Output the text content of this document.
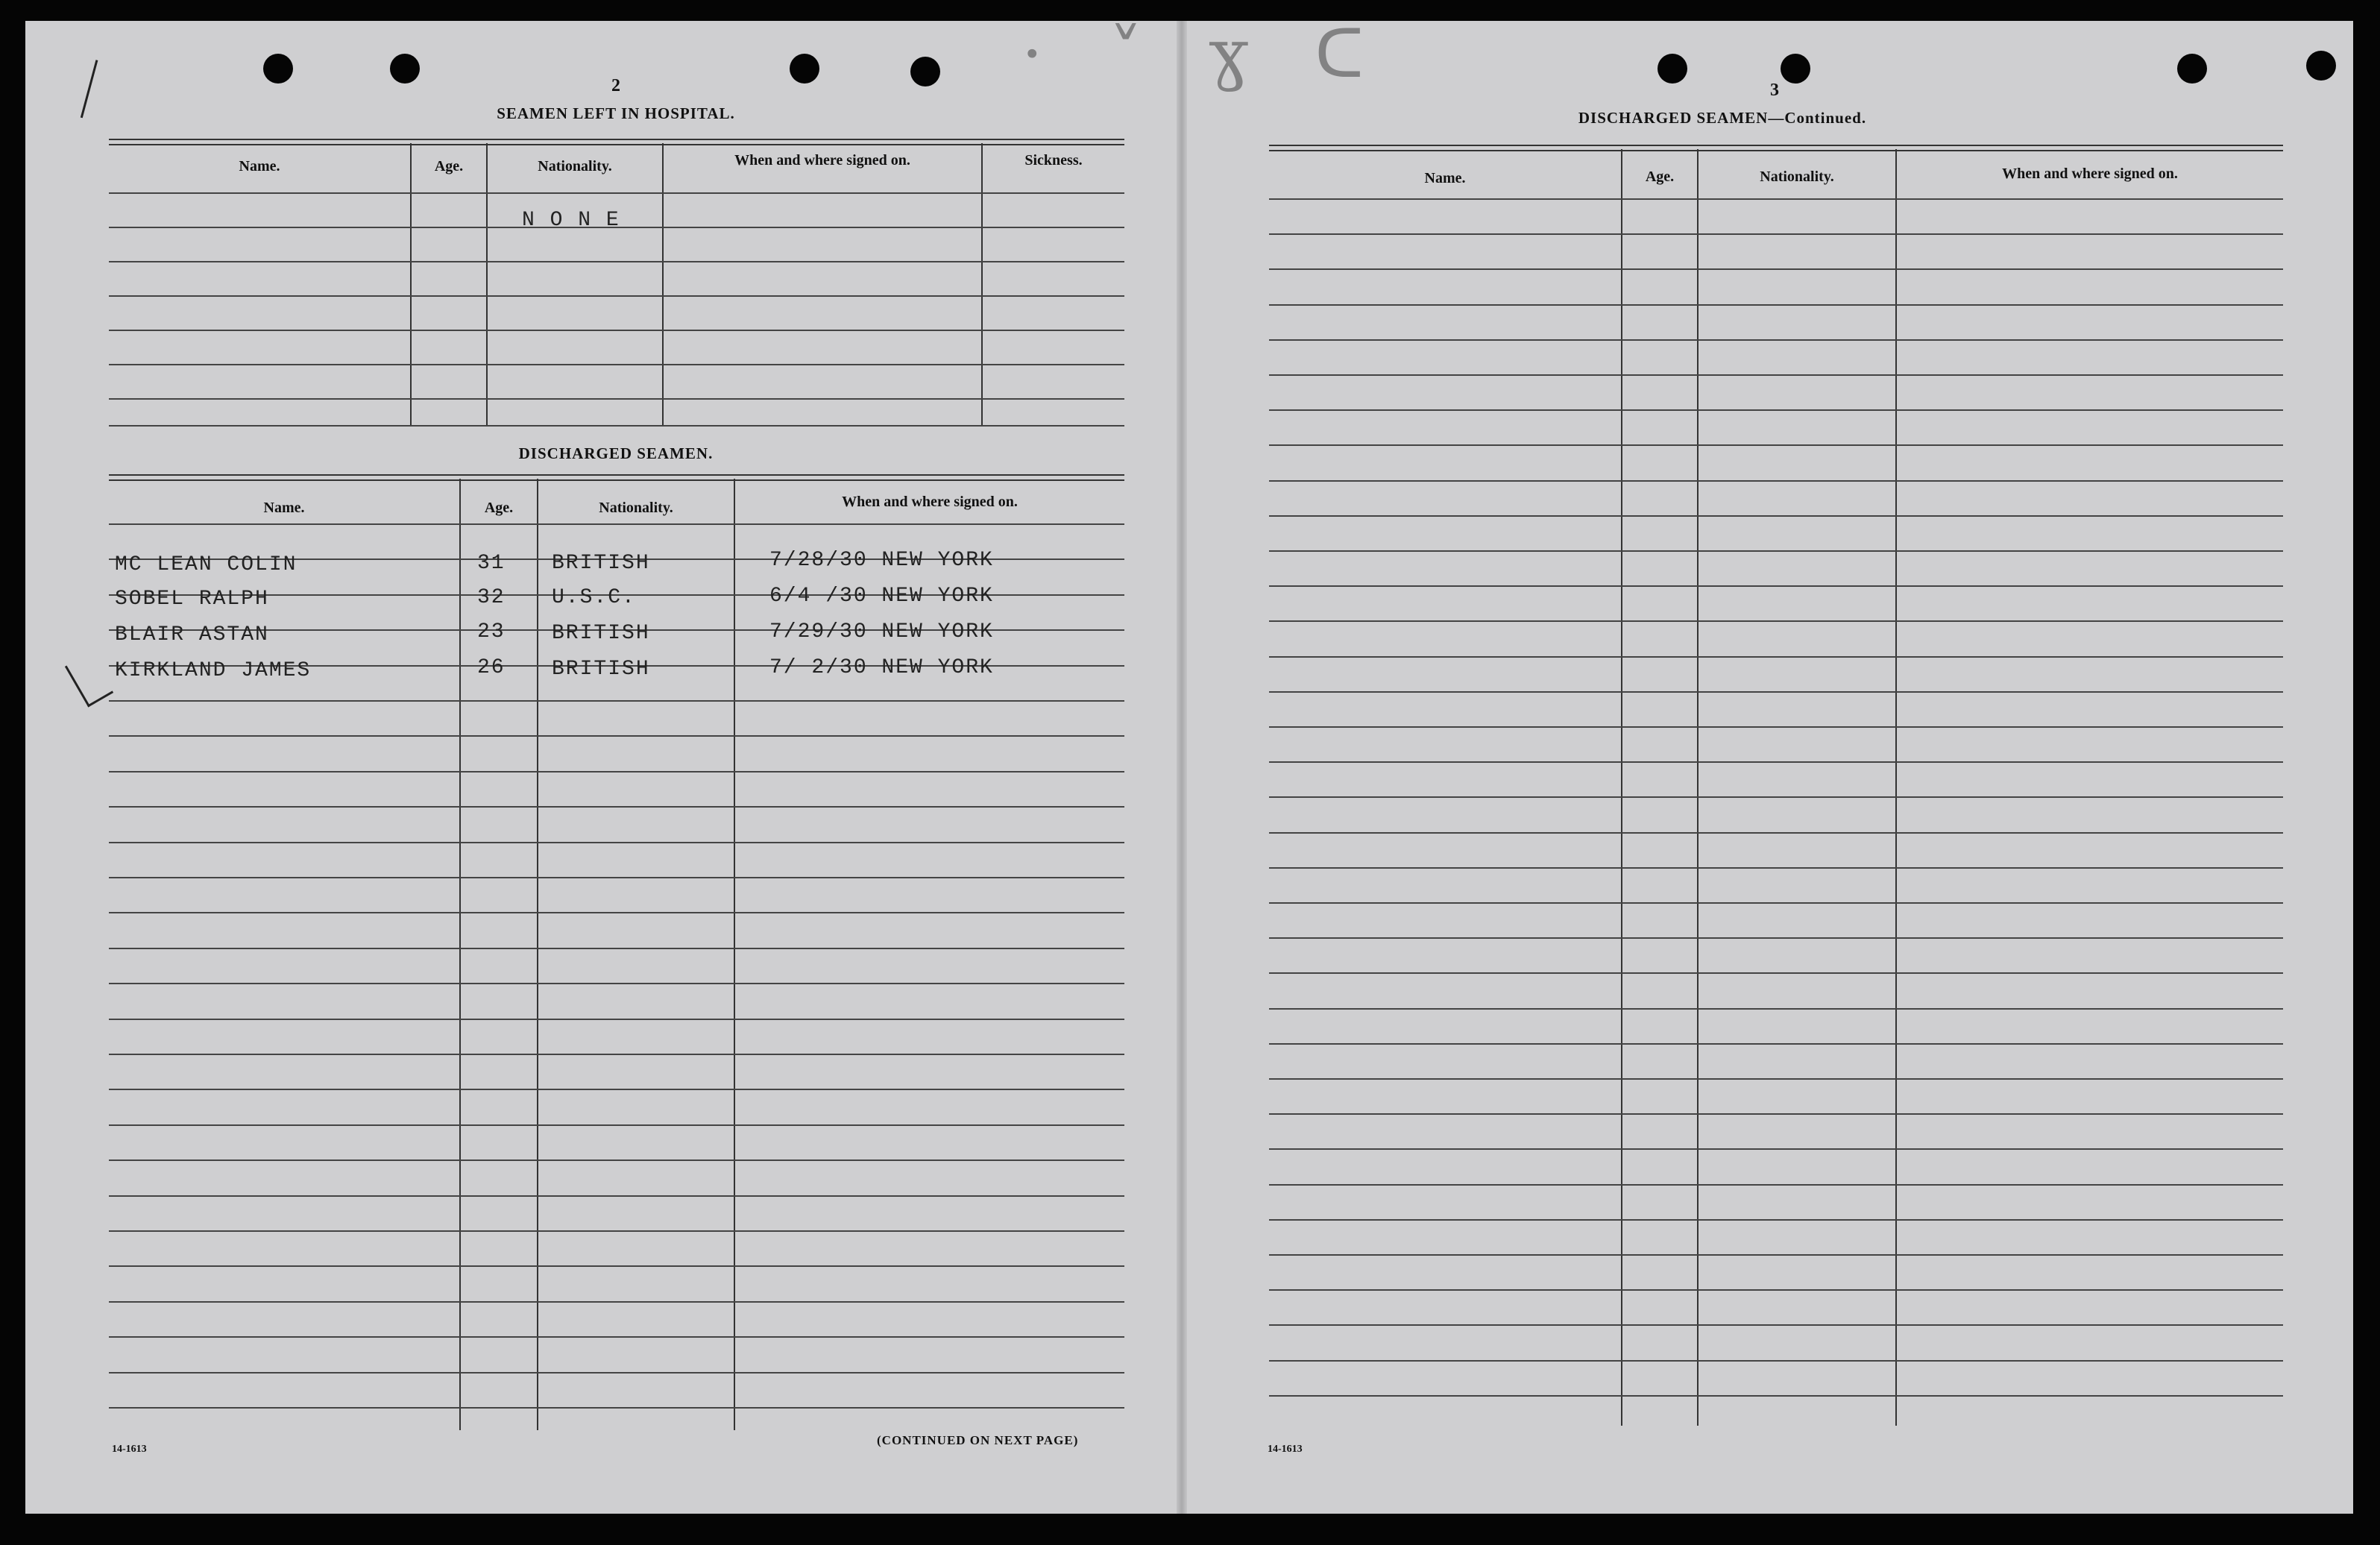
· ˅ ɣ ᑕ
2
SEAMEN LEFT IN HOSPITAL.
Name.	Age.	Nationality.	When and where signed on.	Sickness.
N O N E
DISCHARGED SEAMEN.
Name.	Age.	Nationality.	When and where signed on.
MC LEAN COLIN	31 BRITISH	7/28/30 NEW YORK
SOBEL RALPH	32 U.S.C.	6/4 /30 NEW YORK
BLAIR ASTAN	23 BRITISH	7/29/30 NEW YORK
KIRKLAND JAMES	26 BRITISH	7/ 2/30 NEW YORK
14-1613
(CONTINUED ON NEXT PAGE)
3
DISCHARGED SEAMEN—Continued.
Name.	Age.	Nationality.	When and where signed on.
14-1613
